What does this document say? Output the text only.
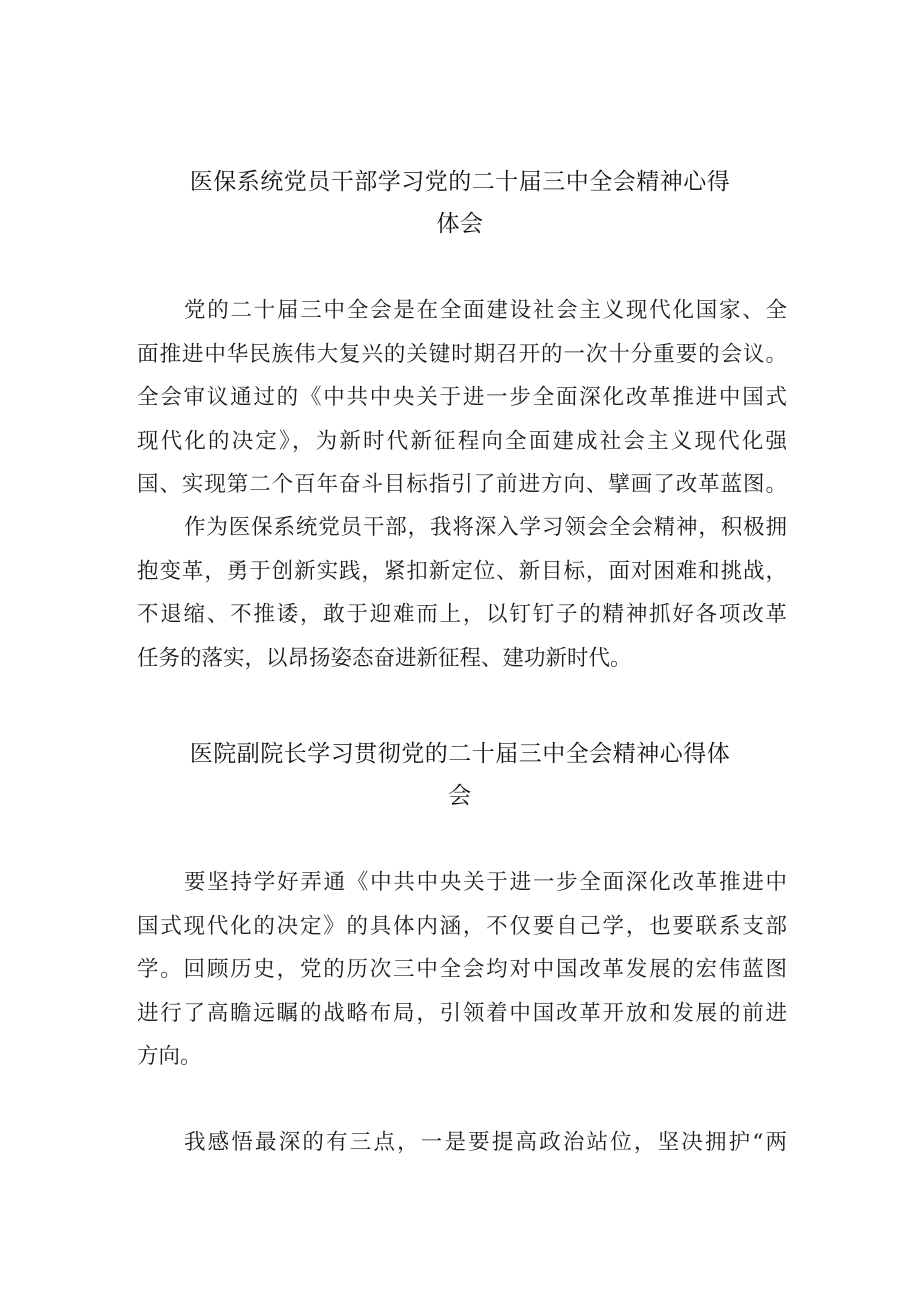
医保系统党员干部学习党的二十届三中全会精神心得
体会
党的二十届三中全会是在全面建设社会主义现代化国家、全
面推进中华民族伟大复兴的关键时期召开的一次十分重要的会议。
全会审议通过的《中共中央关于进一步全面深化改革推进中国式
现代化的决定》，为新时代新征程向全面建成社会主义现代化强
国、实现第二个百年奋斗目标指引了前进方向、擘画了改革蓝图。
作为医保系统党员干部，我将深入学习领会全会精神，积极拥
抱变革，勇于创新实践，紧扣新定位、新目标，面对困难和挑战，
不退缩、不推诿，敢于迎难而上，以钉钉子的精神抓好各项改革
任务的落实，以昂扬姿态奋进新征程、建功新时代。
医院副院长学习贯彻党的二十届三中全会精神心得体
会
要坚持学好弄通《中共中央关于进一步全面深化改革推进中
国式现代化的决定》的具体内涵，不仅要自己学，也要联系支部
学。回顾历史，党的历次三中全会均对中国改革发展的宏伟蓝图
进行了高瞻远瞩的战略布局，引领着中国改革开放和发展的前进
方向。
我感悟最深的有三点，一是要提高政治站位，坚决拥护“两
